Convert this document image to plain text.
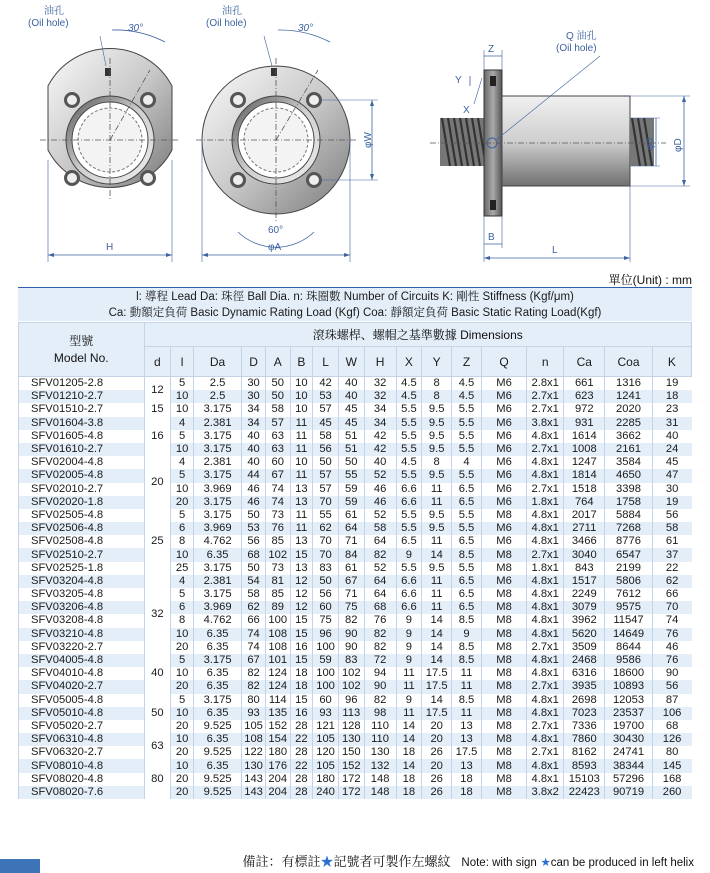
油孔
(Oil hole)	30°
油孔
(Oil hole)	30°
60°
H	φA
φW
Z
Y
X
B
L
φd φD
Q 油孔
(Oil hole)
單位(Unit) : mm
l: 導程 Lead Da: 珠徑 Ball Dia. n: 珠圈數 Number of Circuits K: 剛性 Stiffness (Kgf/μm)
Ca: 動額定負荷 Basic Dynamic Rating Load (Kgf) Coa: 靜額定負荷 Basic Static Rating Load(Kgf)
型號
Model No.	滾珠螺桿、螺帽之基準數據 Dimensions																
	d	l	Da	D	A	B	L	W	H	X	Y	Z	Q	n	Ca	Coa	K
SFV01205-2.8	12	5	2.5	30	50	10	42	40	32	4.5	8	4.5	M6	2.8x1	661	1316	19
SFV01210-2.7		10	2.5	30	50	10	53	40	32	4.5	8	4.5	M6	2.7x1	623	1241	18
SFV01510-2.7	15	10	3.175	34	58	10	57	45	34	5.5	9.5	5.5	M6	2.7x1	972	2020	23
SFV01604-3.8	16	4	2.381	34	57	11	45	45	34	5.5	9.5	5.5	M6	3.8x1	931	2285	31
SFV01605-4.8		5	3.175	40	63	11	58	51	42	5.5	9.5	5.5	M6	4.8x1	1614	3662	40
SFV01610-2.7		10	3.175	40	63	11	56	51	42	5.5	9.5	5.5	M6	2.7x1	1008	2161	24
SFV02004-4.8	20	4	2.381	40	60	10	50	50	40	4.5	8	4	M6	4.8x1	1247	3584	45
SFV02005-4.8		5	3.175	44	67	11	57	55	52	5.5	9.5	5.5	M6	4.8x1	1814	4650	47
SFV02010-2.7		10	3.969	46	74	13	57	59	46	6.6	11	6.5	M6	2.7x1	1518	3398	30
SFV02020-1.8		20	3.175	46	74	13	70	59	46	6.6	11	6.5	M6	1.8x1	764	1758	19
SFV02505-4.8	25	5	3.175	50	73	11	55	61	52	5.5	9.5	5.5	M8	4.8x1	2017	5884	56
SFV02506-4.8		6	3.969	53	76	11	62	64	58	5.5	9.5	5.5	M6	4.8x1	2711	7268	58
SFV02508-4.8		8	4.762	56	85	13	70	71	64	6.5	11	6.5	M6	4.8x1	3466	8776	61
SFV02510-2.7		10	6.35	68	102	15	70	84	82	9	14	8.5	M8	2.7x1	3040	6547	37
SFV02525-1.8		25	3.175	50	73	13	83	61	52	5.5	9.5	5.5	M8	1.8x1	843	2199	22
SFV03204-4.8	32	4	2.381	54	81	12	50	67	64	6.6	11	6.5	M6	4.8x1	1517	5806	62
SFV03205-4.8		5	3.175	58	85	12	56	71	64	6.6	11	6.5	M8	4.8x1	2249	7612	66
SFV03206-4.8		6	3.969	62	89	12	60	75	68	6.6	11	6.5	M8	4.8x1	3079	9575	70
SFV03208-4.8		8	4.762	66	100	15	75	82	76	9	14	8.5	M8	4.8x1	3962	11547	74
SFV03210-4.8		10	6.35	74	108	15	96	90	82	9	14	9	M8	4.8x1	5620	14649	76
SFV03220-2.7		20	6.35	74	108	16	100	90	82	9	14	8.5	M8	2.7x1	3509	8644	46
SFV04005-4.8	40	5	3.175	67	101	15	59	83	72	9	14	8.5	M8	4.8x1	2468	9586	76
SFV04010-4.8		10	6.35	82	124	18	100	102	94	11	17.5	11	M8	4.8x1	6316	18600	90
SFV04020-2.7		20	6.35	82	124	18	100	102	90	11	17.5	11	M8	2.7x1	3935	10893	56
SFV05005-4.8	50	5	3.175	80	114	15	60	96	82	9	14	8.5	M8	4.8x1	2698	12053	87
SFV05010-4.8		10	6.35	93	135	16	93	113	98	11	17.5	11	M8	4.8x1	7023	23537	106
SFV05020-2.7		20	9.525	105	152	28	121	128	110	14	20	13	M8	2.7x1	7336	19700	68
SFV06310-4.8	63	10	6.35	108	154	22	105	130	110	14	20	13	M8	4.8x1	7860	30430	126
SFV06320-2.7		20	9.525	122	180	28	120	150	130	18	26	17.5	M8	2.7x1	8162	24741	80
SFV08010-4.8	80	10	6.35	130	176	22	105	152	132	14	20	13	M8	4.8x1	8593	38344	145
SFV08020-4.8		20	9.525	143	204	28	180	172	148	18	26	18	M8	4.8x1	15103	57296	168
SFV08020-7.6		20	9.525	143	204	28	240	172	148	18	26	18	M8	3.8x2	22423	90719	260
備註：有標註★記號者可製作左螺紋 Note: with sign ★can be produced in left helix
